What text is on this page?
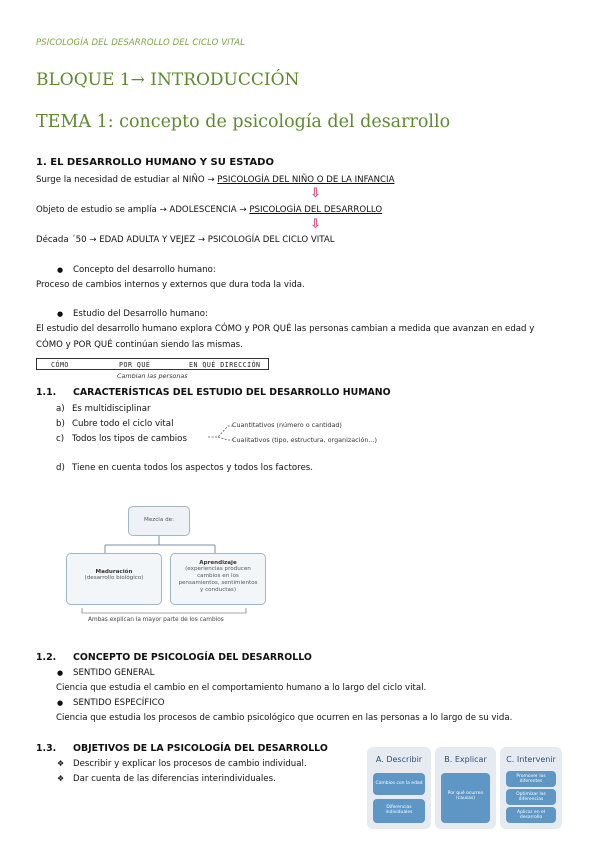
PSICOLOGÍA DEL DESARROLLO DEL CICLO VITAL
BLOQUE 1→ INTRODUCCIÓN
TEMA 1: concepto de psicología del desarrollo
1. EL DESARROLLO HUMANO Y SU ESTADO
Surge la necesidad de estudiar al NIÑO → PSICOLOGÍA DEL NIÑO O DE LA INFANCIA
⇩
Objeto de estudio se amplía → ADOLESCENCIA → PSICOLOGÍA DEL DESARROLLO
⇩
Década ´50 → EDAD ADULTA Y VEJEZ → PSICOLOGÍA DEL CICLO VITAL
● Concepto del desarrollo humano:
Proceso de cambios internos y externos que dura toda la vida.
● Estudio del Desarrollo humano:
El estudio del desarrollo humano explora CÓMO y POR QUÉ las personas cambian a medida que avanzan en edad y
CÓMO y POR QUÉ continúan siendo las mismas.
CÓMO	POR QUÉ	EN QUÉ DIRECCIÓN
Cambian las personas
1.1. CARACTERÍSTICAS DEL ESTUDIO DEL DESARROLLO HUMANO
a) Es multidisciplinar
b) Cubre todo el ciclo vital
c) Todos los tipos de cambios
Cuantitativos (número o cantidad)
Cualitativos (tipo, estructura, organización...)
d) Tiene en cuenta todos los aspectos y todos los factores.
Mezcla de:
Maduración
(desarrollo biológico)
Aprendizaje
(experiencias producen cambios en los pensamientos, sentimientos y conductas)
Ambas explican la mayor parte de los cambios
1.2. CONCEPTO DE PSICOLOGÍA DEL DESARROLLO
● SENTIDO GENERAL
Ciencia que estudia el cambio en el comportamiento humano a lo largo del ciclo vital.
● SENTIDO ESPECÍFICO
Ciencia que estudia los procesos de cambio psicológico que ocurren en las personas a lo largo de su vida.
1.3. OBJETIVOS DE LA PSICOLOGÍA DEL DESARROLLO
❖ Describir y explicar los procesos de cambio individual.
❖ Dar cuenta de las diferencias interindividuales.
A. Describir
Cambios con la edad
Diferencias individuales
B. Explicar
Por qué ocurren (causas)
C. Intervenir
Promover los diferentes
Optimizar las diferencias
Aplicar en el desarrollo
